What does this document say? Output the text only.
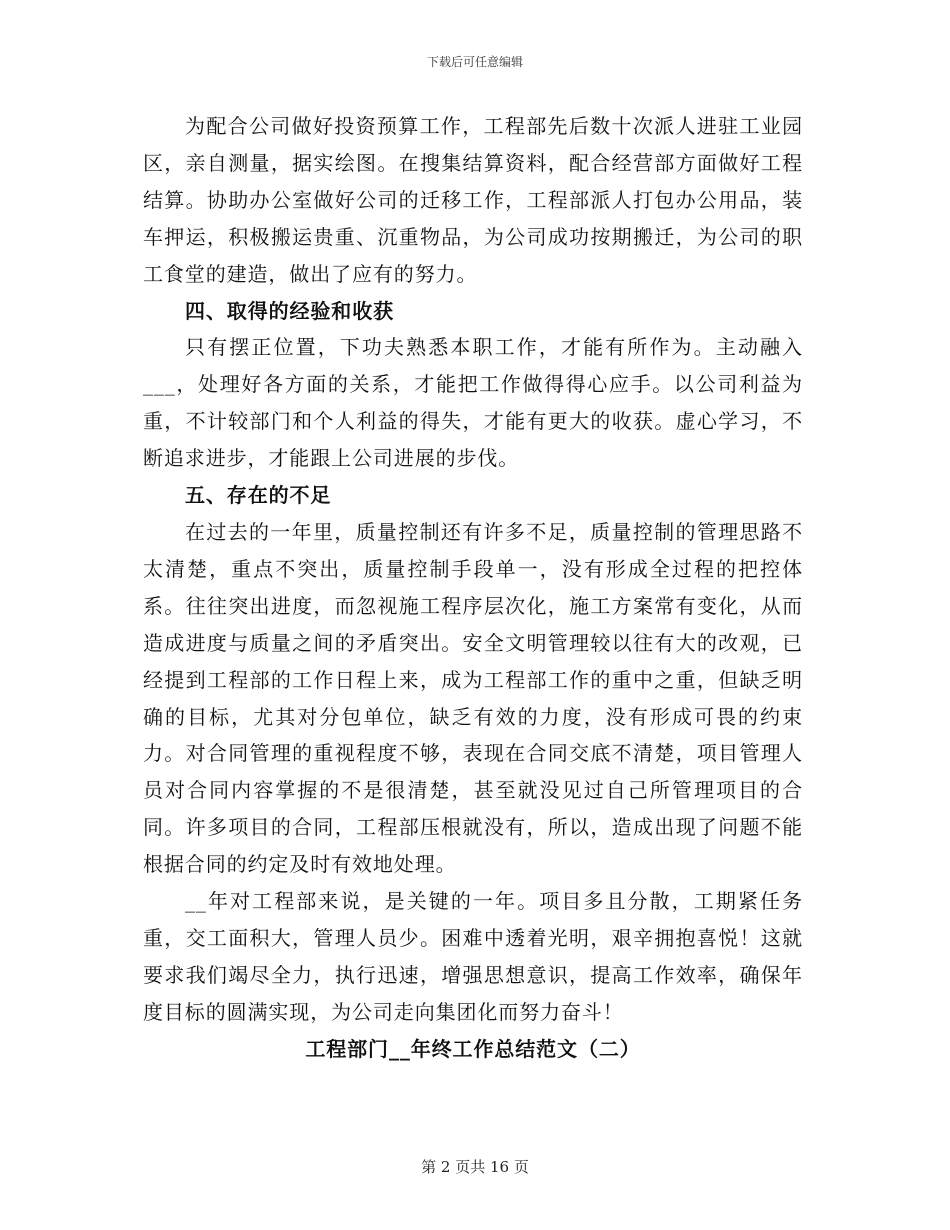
下载后可任意编辑

为配合公司做好投资预算工作，工程部先后数十次派人进驻工业园区，亲自测量，据实绘图。在搜集结算资料，配合经营部方面做好工程结算。协助办公室做好公司的迁移工作，工程部派人打包办公用品，装车押运，积极搬运贵重、沉重物品，为公司成功按期搬迁，为公司的职工食堂的建造，做出了应有的努力。

四、取得的经验和收获

只有摆正位置，下功夫熟悉本职工作，才能有所作为。主动融入___，处理好各方面的关系，才能把工作做得得心应手。以公司利益为重，不计较部门和个人利益的得失，才能有更大的收获。虚心学习，不断追求进步，才能跟上公司进展的步伐。

五、存在的不足

在过去的一年里，质量控制还有许多不足，质量控制的管理思路不太清楚，重点不突出，质量控制手段单一，没有形成全过程的把控体系。往往突出进度，而忽视施工程序层次化，施工方案常有变化，从而造成进度与质量之间的矛盾突出。安全文明管理较以往有大的改观，已经提到工程部的工作日程上来，成为工程部工作的重中之重，但缺乏明确的目标，尤其对分包单位，缺乏有效的力度，没有形成可畏的约束力。对合同管理的重视程度不够，表现在合同交底不清楚，项目管理人员对合同内容掌握的不是很清楚，甚至就没见过自己所管理项目的合同。许多项目的合同，工程部压根就没有，所以，造成出现了问题不能根据合同的约定及时有效地处理。

__年对工程部来说，是关键的一年。项目多且分散，工期紧任务重，交工面积大，管理人员少。困难中透着光明，艰辛拥抱喜悦！这就要求我们竭尽全力，执行迅速，增强思想意识，提高工作效率，确保年度目标的圆满实现，为公司走向集团化而努力奋斗！

工程部门__年终工作总结范文（二）

第 2 页共 16 页
